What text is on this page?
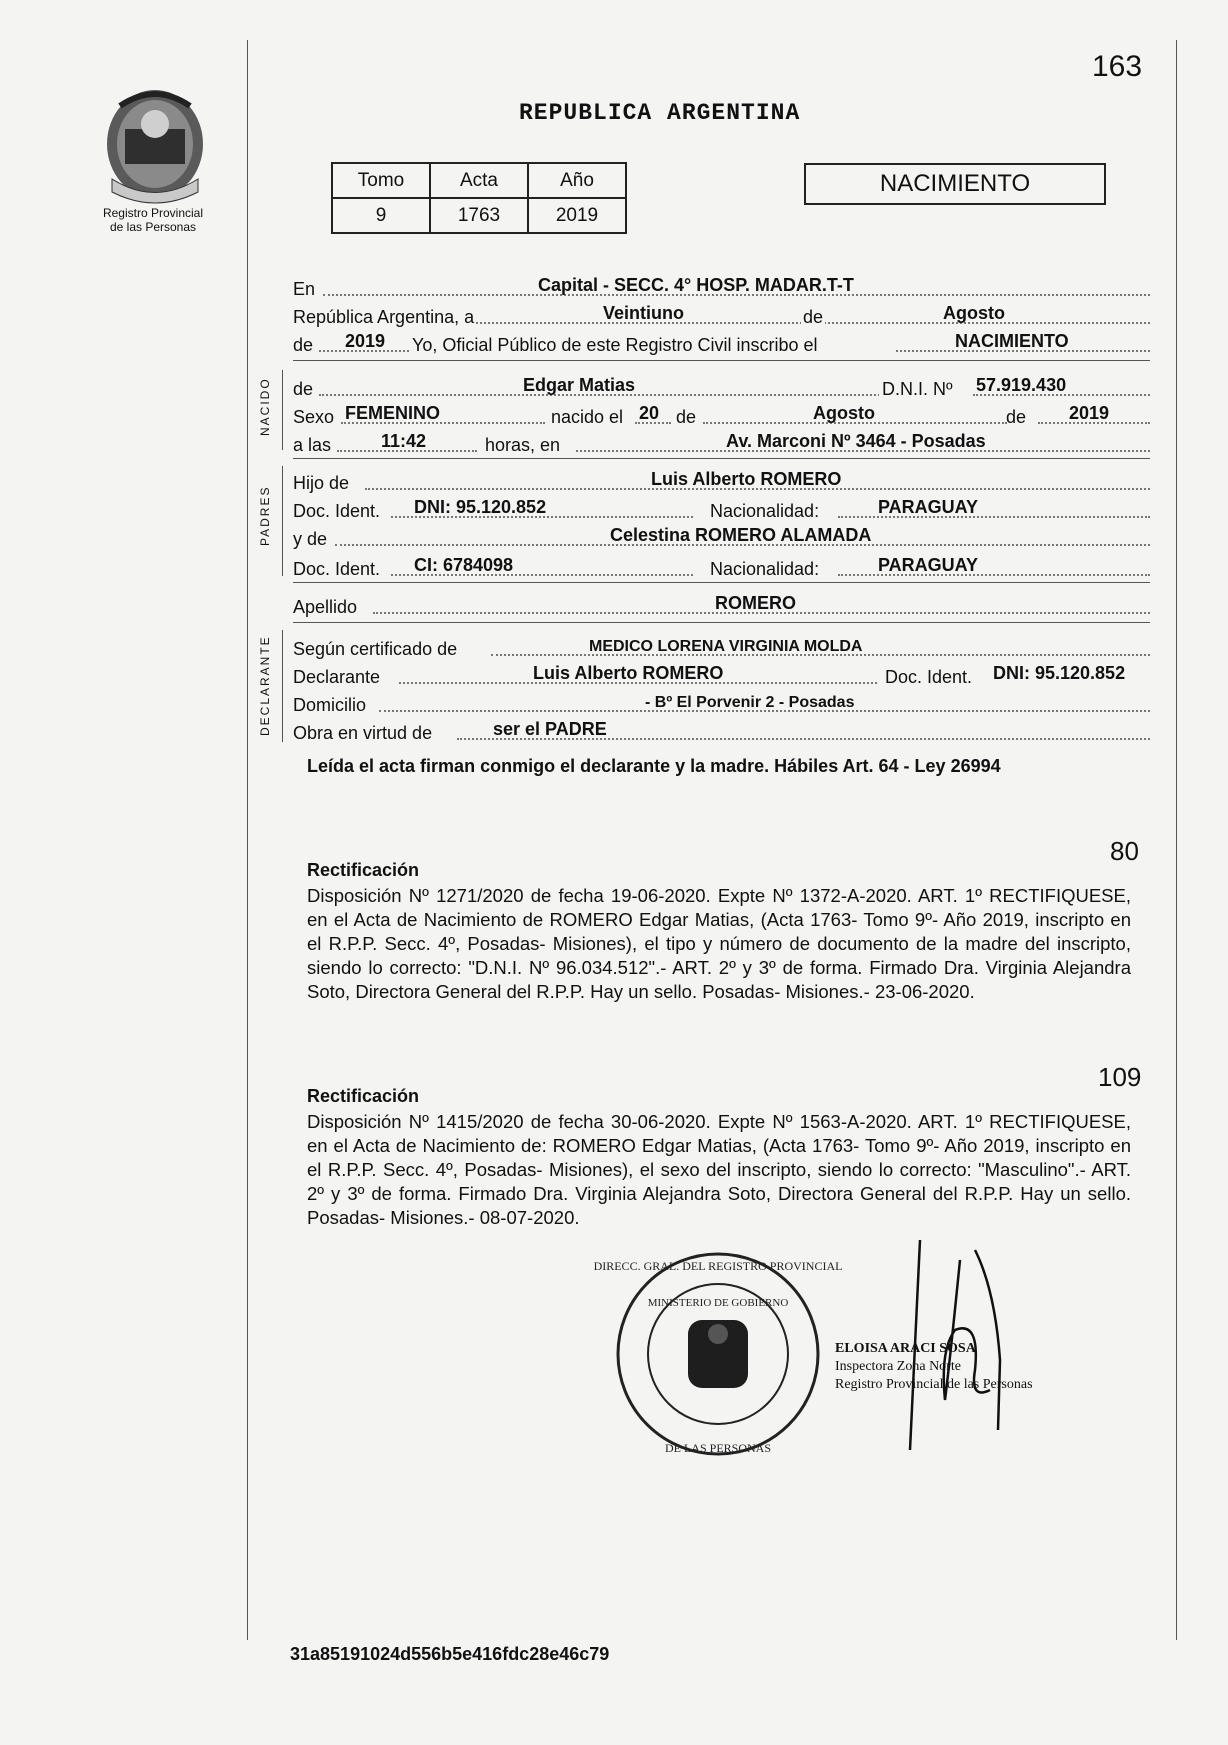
163
Registro Provincial
de las Personas
REPUBLICA ARGENTINA
Tomo	Acta	Año
9	1763	2019
NACIMIENTO
En	Capital - SECC. 4° HOSP. MADAR.T-T
República Argentina, a	Veintiuno	de	Agosto
de 2019 Yo, Oficial Público de este Registro Civil inscribo el	NACIMIENTO
NACIDO de	Edgar Matias	D.N.I. Nº 57.919.430
Sexo FEMENINO	nacido el 20 de	Agosto	de 2019
a las	11:42	horas, en	Av. Marconi Nº 3464 - Posadas
PADRES
Hijo de	Luis Alberto ROMERO
Doc. Ident. DNI: 95.120.852	Nacionalidad:	PARAGUAY
y de	Celestina ROMERO ALAMADA
Doc. Ident. CI: 6784098	Nacionalidad:	PARAGUAY
Apellido	ROMERO
DECLARANTE Según certificado de	MEDICO LORENA VIRGINIA MOLDA
Declarante	Luis Alberto ROMERO	Doc. Ident. DNI: 95.120.852
Domicilio	- Bº El Porvenir 2 - Posadas
Obra en virtud de	ser el PADRE
Leída el acta firman conmigo el declarante y la madre. Hábiles Art. 64 - Ley 26994
80
Rectificación
Disposición Nº 1271/2020 de fecha 19-06-2020. Expte Nº 1372-A-2020. ART. 1º RECTIFIQUESE, en el Acta de Nacimiento de ROMERO Edgar Matias, (Acta 1763- Tomo 9º- Año 2019, inscripto en el R.P.P. Secc. 4º, Posadas- Misiones), el tipo y número de documento de la madre del inscripto, siendo lo correcto: "D.N.I. Nº 96.034.512".- ART. 2º y 3º de forma. Firmado Dra. Virginia Alejandra Soto, Directora General del R.P.P. Hay un sello. Posadas- Misiones.- 23-06-2020.
109
Rectificación
Disposición Nº 1415/2020 de fecha 30-06-2020. Expte Nº 1563-A-2020. ART. 1º RECTIFIQUESE, en el Acta de Nacimiento de: ROMERO Edgar Matias, (Acta 1763- Tomo 9º- Año 2019, inscripto en el R.P.P. Secc. 4º, Posadas- Misiones), el sexo del inscripto, siendo lo correcto: "Masculino".- ART. 2º y 3º de forma. Firmado Dra. Virginia Alejandra Soto, Directora General del R.P.P. Hay un sello. Posadas- Misiones.- 08-07-2020.
DIRECC. GRAL. DEL REGISTRO PROVINCIAL
DE LAS PERSONAS
MINISTERIO DE GOBIERNO
ELOISA ARACI SOSA
Inspectora Zona Norte
Registro Provincial de las Personas
31a85191024d556b5e416fdc28e46c79
